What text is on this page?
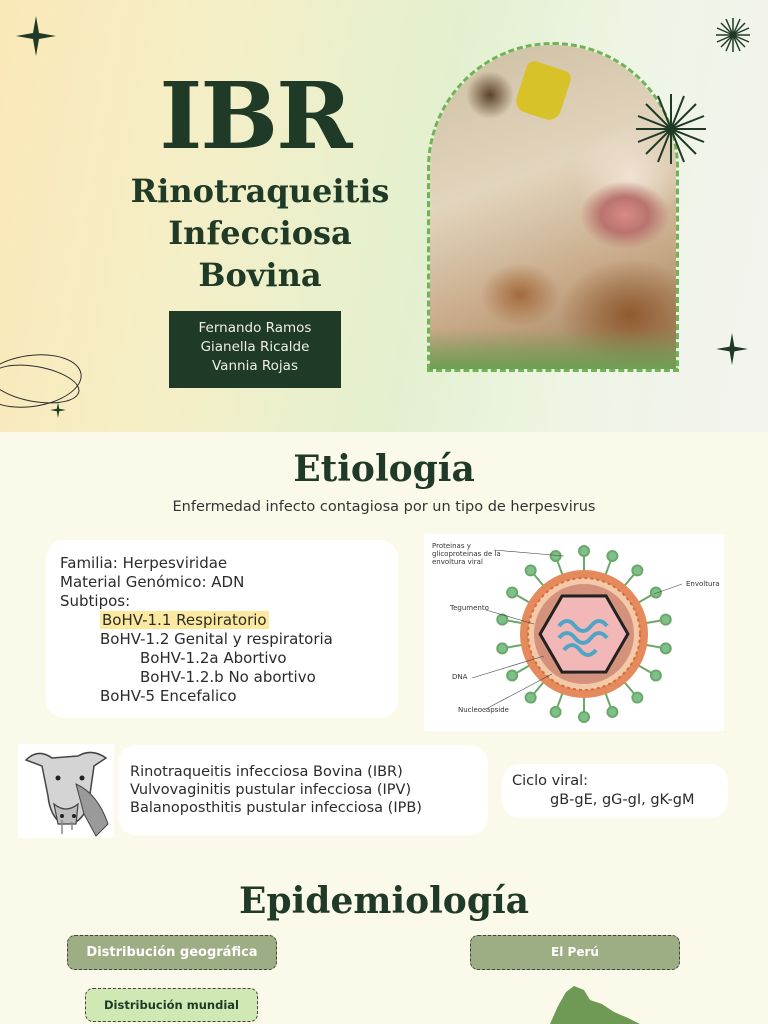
IBR
Rinotraqueitis
Infecciosa
Bovina
Fernando Ramos
Gianella Ricalde
Vannia Rojas
Etiología

Enfermedad infecto contagiosa por un tipo de herpesvirus

Familia: Herpesviridae
Material Genómico: ADN
Subtipos:
BoHV-1.1 Respiratorio
BoHV-1.2 Genital y respiratoria
BoHV-1.2a Abortivo
BoHV-1.2.b No abortivo
BoHV-5 Encefalico
Proteinas y glicoproteinas de la envoltura viral
Envoltura
Tegumento
DNA
Nucleocapside
Rinotraqueitis infecciosa Bovina (IBR)
Vulvovaginitis pustular infecciosa (IPV)
Balanoposthitis pustular infecciosa (IPB)
Ciclo viral:
gB-gE, gG-gI, gK-gM
Epidemiología
Distribución geográfica	El Perú
Distribución mundial
